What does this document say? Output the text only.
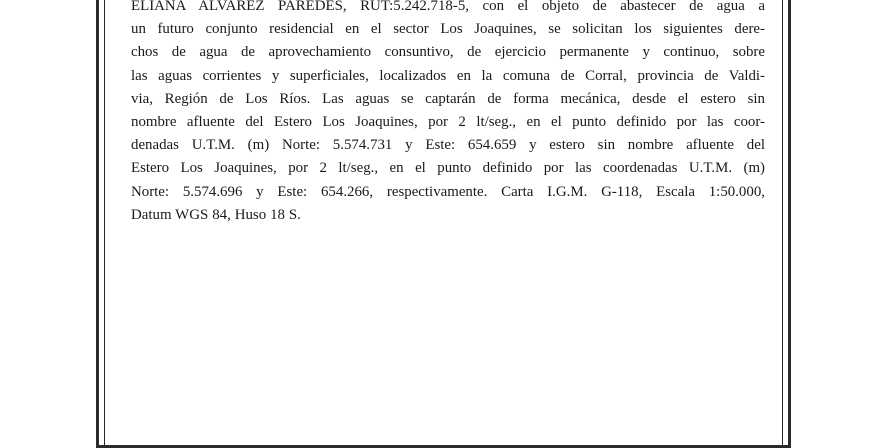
ELIANA ALVAREZ PAREDES, RUT:5.242.718-5, con el objeto de abastecer de agua a
un futuro conjunto residencial en el sector Los Joaquines, se solicitan los siguientes dere-
chos de agua de aprovechamiento consuntivo, de ejercicio permanente y continuo, sobre
las aguas corrientes y superficiales, localizados en la comuna de Corral, provincia de Valdi-
via, Región de Los Ríos. Las aguas se captarán de forma mecánica, desde el estero sin
nombre afluente del Estero Los Joaquines, por 2 lt/seg., en el punto definido por las coor-
denadas U.T.M. (m) Norte: 5.574.731 y Este: 654.659 y estero sin nombre afluente del
Estero Los Joaquines, por 2 lt/seg., en el punto definido por las coordenadas U.T.M. (m)
Norte: 5.574.696 y Este: 654.266, respectivamente. Carta I.G.M. G-118, Escala 1:50.000,
Datum WGS 84, Huso 18 S.
